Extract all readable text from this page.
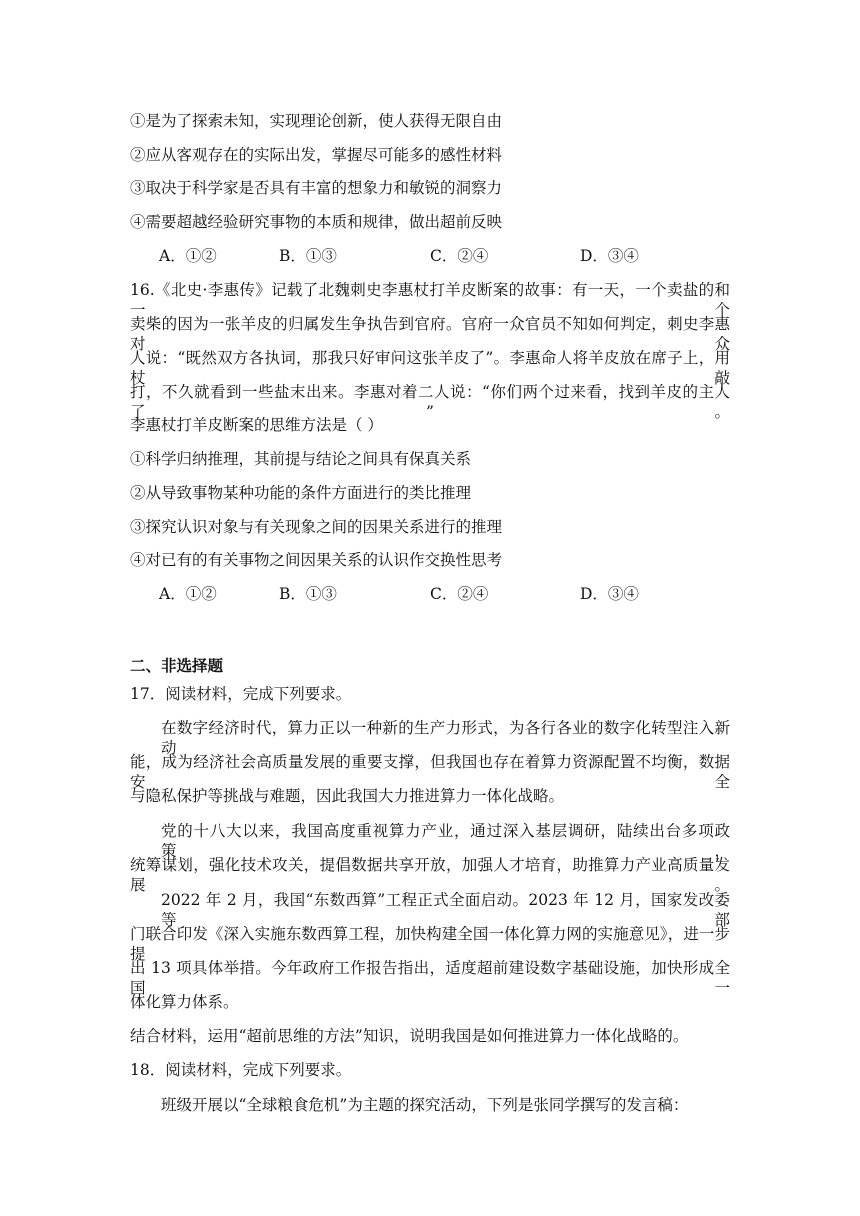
①是为了探索未知，实现理论创新，使人获得无限自由
②应从客观存在的实际出发，掌握尽可能多的感性材料
③取决于科学家是否具有丰富的想象力和敏锐的洞察力
④需要超越经验研究事物的本质和规律，做出超前反映
A．①②	B．①③	C．②④	D．③④
16.《北史·李惠传》记载了北魏刺史李惠杖打羊皮断案的故事：有一天，一个卖盐的和一个
卖柴的因为一张羊皮的归属发生争执告到官府。官府一众官员不知如何判定，刺史李惠对众
人说：“既然双方各执词，那我只好审问这张羊皮了”。李惠命人将羊皮放在席子上，用杖敲
打，不久就看到一些盐末出来。李惠对着二人说：“你们两个过来看，找到羊皮的主人了”。
李惠杖打羊皮断案的思维方法是（ ）
①科学归纳推理，其前提与结论之间具有保真关系
②从导致事物某种功能的条件方面进行的类比推理
③探究认识对象与有关现象之间的因果关系进行的推理
④对已有的有关事物之间因果关系的认识作交换性思考
A．①②	B．①③	C．②④	D．③④
二、非选择题
17．阅读材料，完成下列要求。
在数字经济时代，算力正以一种新的生产力形式，为各行各业的数字化转型注入新动
能，成为经济社会高质量发展的重要支撑，但我国也存在着算力资源配置不均衡，数据安全
与隐私保护等挑战与难题，因此我国大力推进算力一体化战略。
党的十八大以来，我国高度重视算力产业，通过深入基层调研，陆续出台多项政策，
统筹谋划，强化技术攻关，提倡数据共享开放，加强人才培育，助推算力产业高质量发展。
2022 年 2 月，我国“东数西算”工程正式全面启动。2023 年 12 月，国家发改委等部
门联合印发《深入实施东数西算工程，加快构建全国一体化算力网的实施意见》，进一步提
出 13 项具体举措。今年政府工作报告指出，适度超前建设数字基础设施，加快形成全国一
体化算力体系。
结合材料，运用“超前思维的方法”知识，说明我国是如何推进算力一体化战略的。
18．阅读材料，完成下列要求。
班级开展以“全球粮食危机”为主题的探究活动，下列是张同学撰写的发言稿：
